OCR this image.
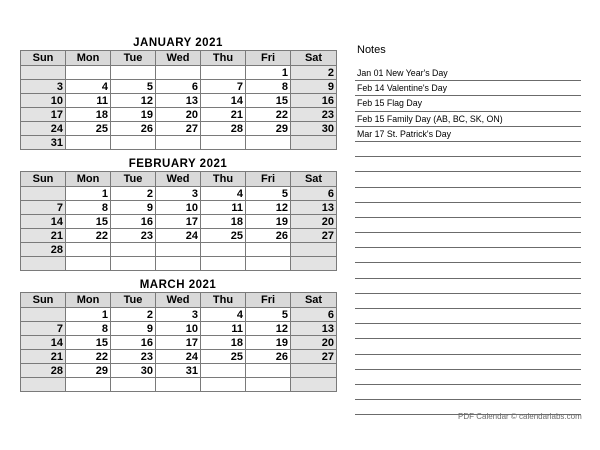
JANUARY 2021
Sun	Mon	Tue	Wed	Thu	Fri	Sat
					1	2
3	4	5	6	7	8	9
10	11	12	13	14	15	16
17	18	19	20	21	22	23
24	25	26	27	28	29	30
31						
FEBRUARY 2021
Sun	Mon	Tue	Wed	Thu	Fri	Sat
	1	2	3	4	5	6
7	8	9	10	11	12	13
14	15	16	17	18	19	20
21	22	23	24	25	26	27
28						

MARCH 2021
Sun	Mon	Tue	Wed	Thu	Fri	Sat
	1	2	3	4	5	6
7	8	9	10	11	12	13
14	15	16	17	18	19	20
21	22	23	24	25	26	27
28	29	30	31			

Notes
Jan 01 New Year's Day
Feb 14 Valentine's Day
Feb 15 Flag Day
Feb 15 Family Day (AB, BC, SK, ON)
Mar 17 St. Patrick's Day
PDF Calendar © calendarlabs.com
